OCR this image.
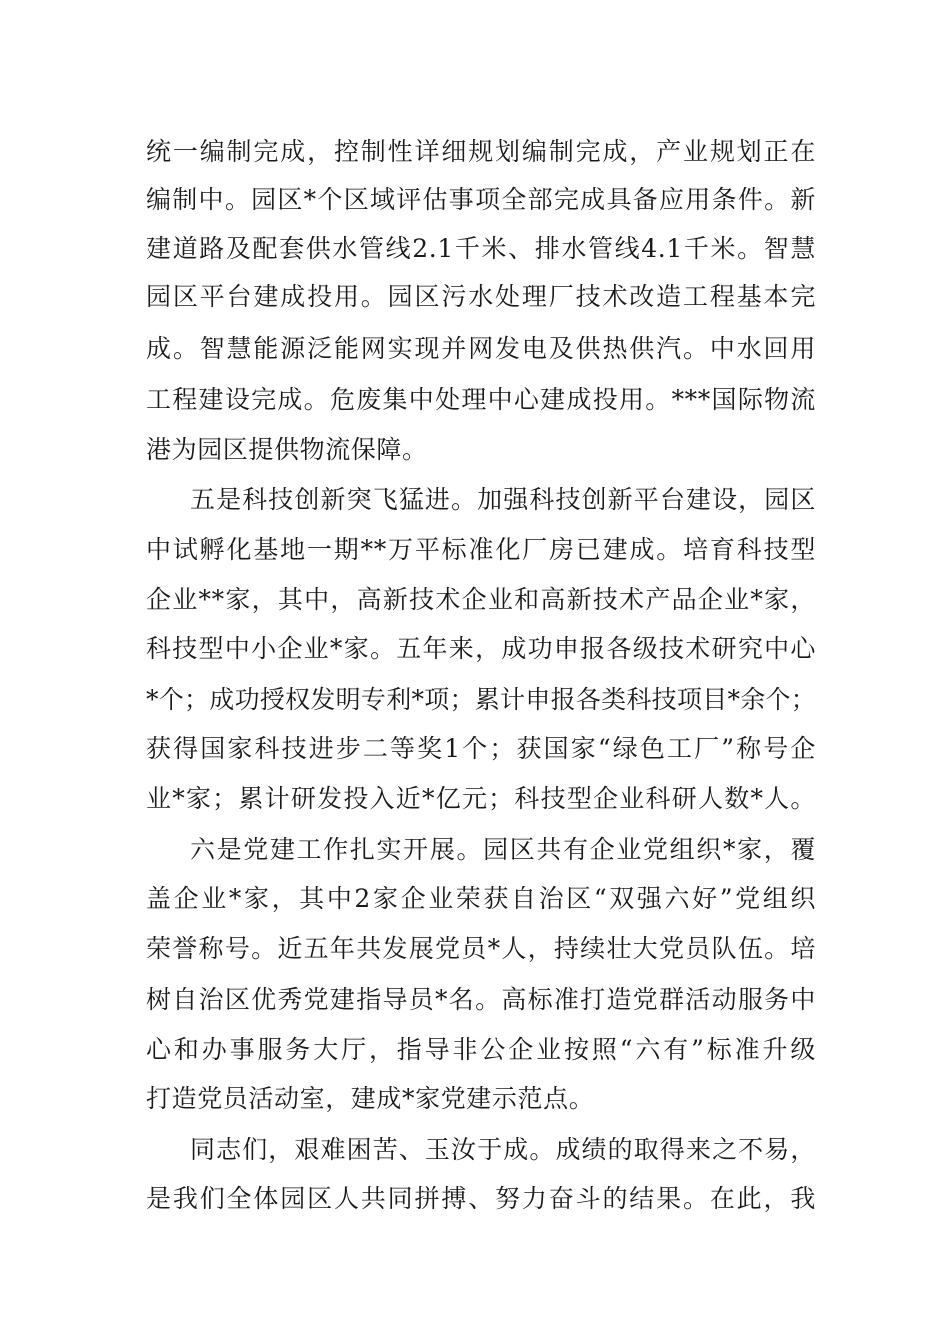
统一编制完成，控制性详细规划编制完成，产业规划正在

编制中。园区*个区域评估事项全部完成具备应用条件。新

建道路及配套供水管线2.1千米、排水管线4.1千米。智慧

园区平台建成投用。园区污水处理厂技术改造工程基本完

成。智慧能源泛能网实现并网发电及供热供汽。中水回用

工程建设完成。危废集中处理中心建成投用。***国际物流

港为园区提供物流保障。

五是科技创新突飞猛进。加强科技创新平台建设，园区

中试孵化基地一期**万平标准化厂房已建成。培育科技型

企业**家，其中，高新技术企业和高新技术产品企业*家，

科技型中小企业*家。五年来，成功申报各级技术研究中心

*个；成功授权发明专利*项；累计申报各类科技项目*余个；

获得国家科技进步二等奖1个；获国家“绿色工厂”称号企

业*家；累计研发投入近*亿元；科技型企业科研人数*人。

六是党建工作扎实开展。园区共有企业党组织*家，覆

盖企业*家，其中2家企业荣获自治区“双强六好”党组织

荣誉称号。近五年共发展党员*人，持续壮大党员队伍。培

树自治区优秀党建指导员*名。高标准打造党群活动服务中

心和办事服务大厅，指导非公企业按照“六有”标准升级

打造党员活动室，建成*家党建示范点。

同志们，艰难困苦、玉汝于成。成绩的取得来之不易，

是我们全体园区人共同拼搏、努力奋斗的结果。在此，我
